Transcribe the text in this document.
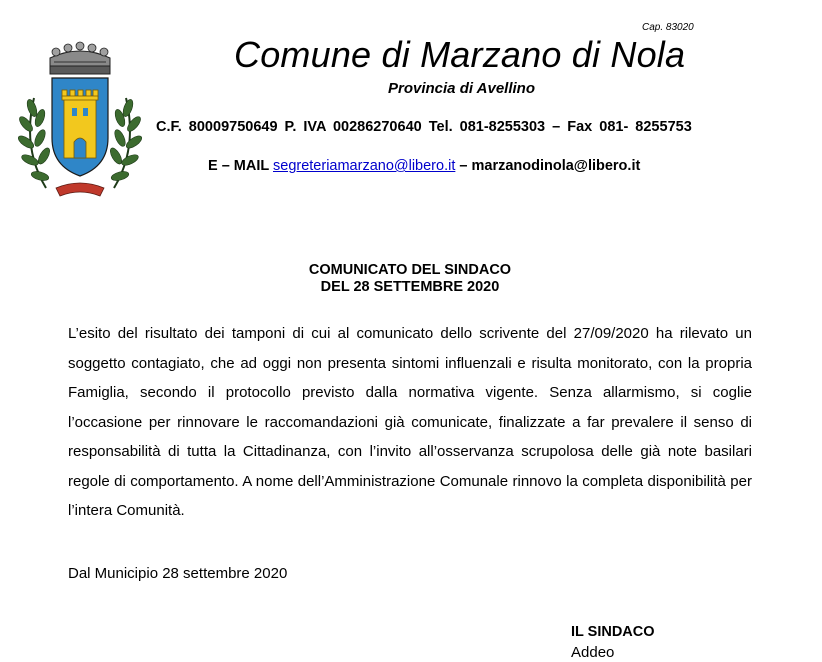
Cap. 83020
Comune di Marzano di Nola
Provincia di Avellino
C.F. 80009750649 P. IVA 00286270640 Tel. 081-8255303 – Fax 081- 8255753
E – MAIL segreteriamarzano@libero.it – marzanodinola@libero.it
COMUNICATO DEL SINDACO
DEL 28 SETTEMBRE 2020

L’esito del risultato dei tamponi di cui al comunicato dello scrivente del 27/09/2020 ha rilevato un soggetto contagiato, che ad oggi non presenta sintomi influenzali e risulta monitorato, con la propria Famiglia, secondo il protocollo previsto dalla normativa vigente. Senza allarmismo, si coglie l’occasione per rinnovare le raccomandazioni già comunicate, finalizzate a far prevalere il senso di responsabilità di tutta la Cittadinanza, con l’invito all’osservanza scrupolosa delle già note basilari regole di comportamento. A nome dell’Amministrazione Comunale rinnovo la completa disponibilità per l’intera Comunità.

Dal Municipio 28 settembre 2020
IL SINDACO
Addeo
